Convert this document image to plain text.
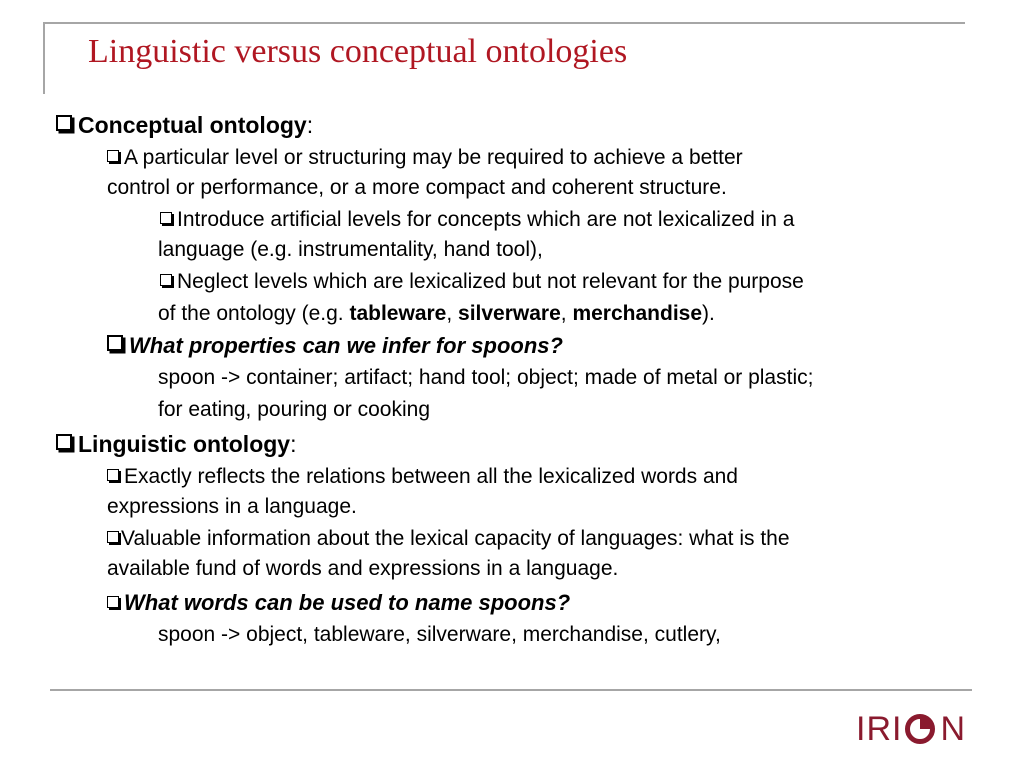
Linguistic versus conceptual ontologies
Conceptual ontology:
A particular level or structuring may be required to achieve a better
control or performance, or a more compact and coherent structure.
Introduce artificial levels for concepts which are not lexicalized in a
language (e.g. instrumentality, hand tool),
Neglect levels which are lexicalized but not relevant for the purpose
of the ontology (e.g. tableware, silverware, merchandise).
What properties can we infer for spoons?
spoon -> container; artifact; hand tool; object; made of metal or plastic;
for eating, pouring or cooking
Linguistic ontology:
Exactly reflects the relations between all the lexicalized words and
expressions in a language.
Valuable information about the lexical capacity of languages: what is the
available fund of words and expressions in a language.
What words can be used to name spoons?
spoon -> object, tableware, silverware, merchandise, cutlery,
IRI N
